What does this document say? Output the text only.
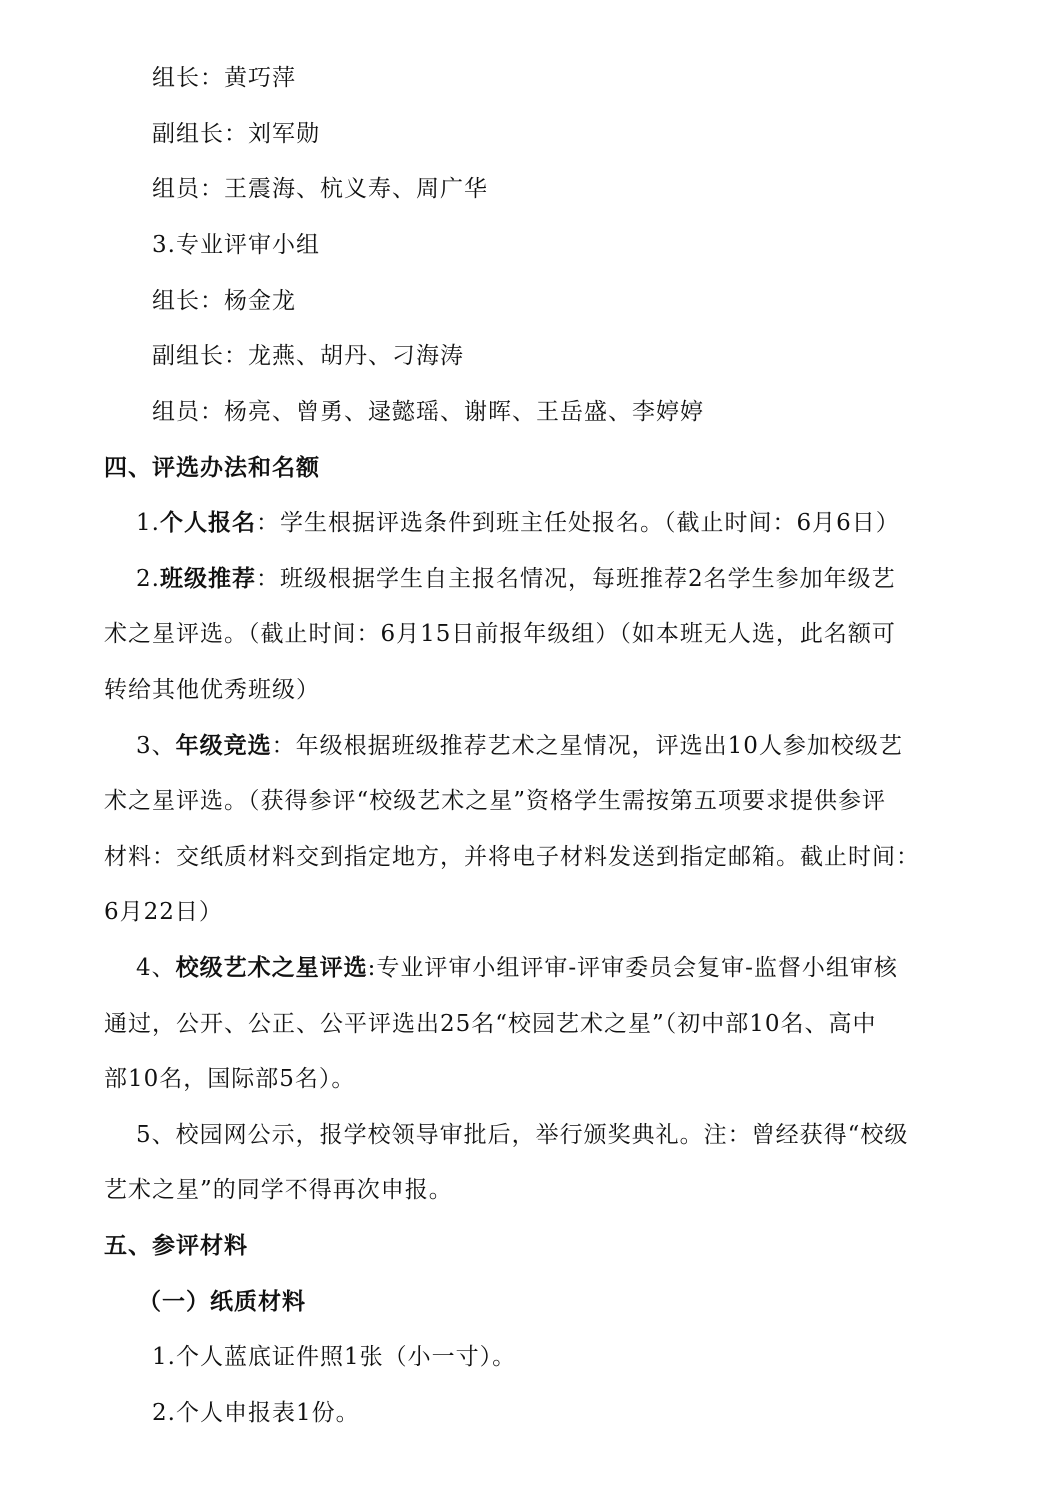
组长：黄巧萍
副组长：刘军勋
组员：王震海、杭义寿、周广华
3.专业评审小组
组长：杨金龙
副组长：龙燕、胡丹、刁海涛
组员：杨亮、曾勇、逯懿瑶、谢晖、王岳盛、李婷婷
四、评选办法和名额
1.个人报名：学生根据评选条件到班主任处报名。（截止时间：6月6日）
2.班级推荐：班级根据学生自主报名情况，每班推荐2名学生参加年级艺
术之星评选。（截止时间：6月15日前报年级组）（如本班无人选，此名额可
转给其他优秀班级）
3、年级竞选：年级根据班级推荐艺术之星情况，评选出10人参加校级艺
术之星评选。（获得参评“校级艺术之星”资格学生需按第五项要求提供参评
材料：交纸质材料交到指定地方，并将电子材料发送到指定邮箱。截止时间：
6月22日）
4、校级艺术之星评选:专业评审小组评审-评审委员会复审-监督小组审核
通过，公开、公正、公平评选出25名“校园艺术之星”（初中部10名、高中
部10名，国际部5名）。
5、校园网公示，报学校领导审批后，举行颁奖典礼。注：曾经获得“校级
艺术之星”的同学不得再次申报。
五、参评材料
（一）纸质材料
1.个人蓝底证件照1张（小一寸）。
2.个人申报表1份。
